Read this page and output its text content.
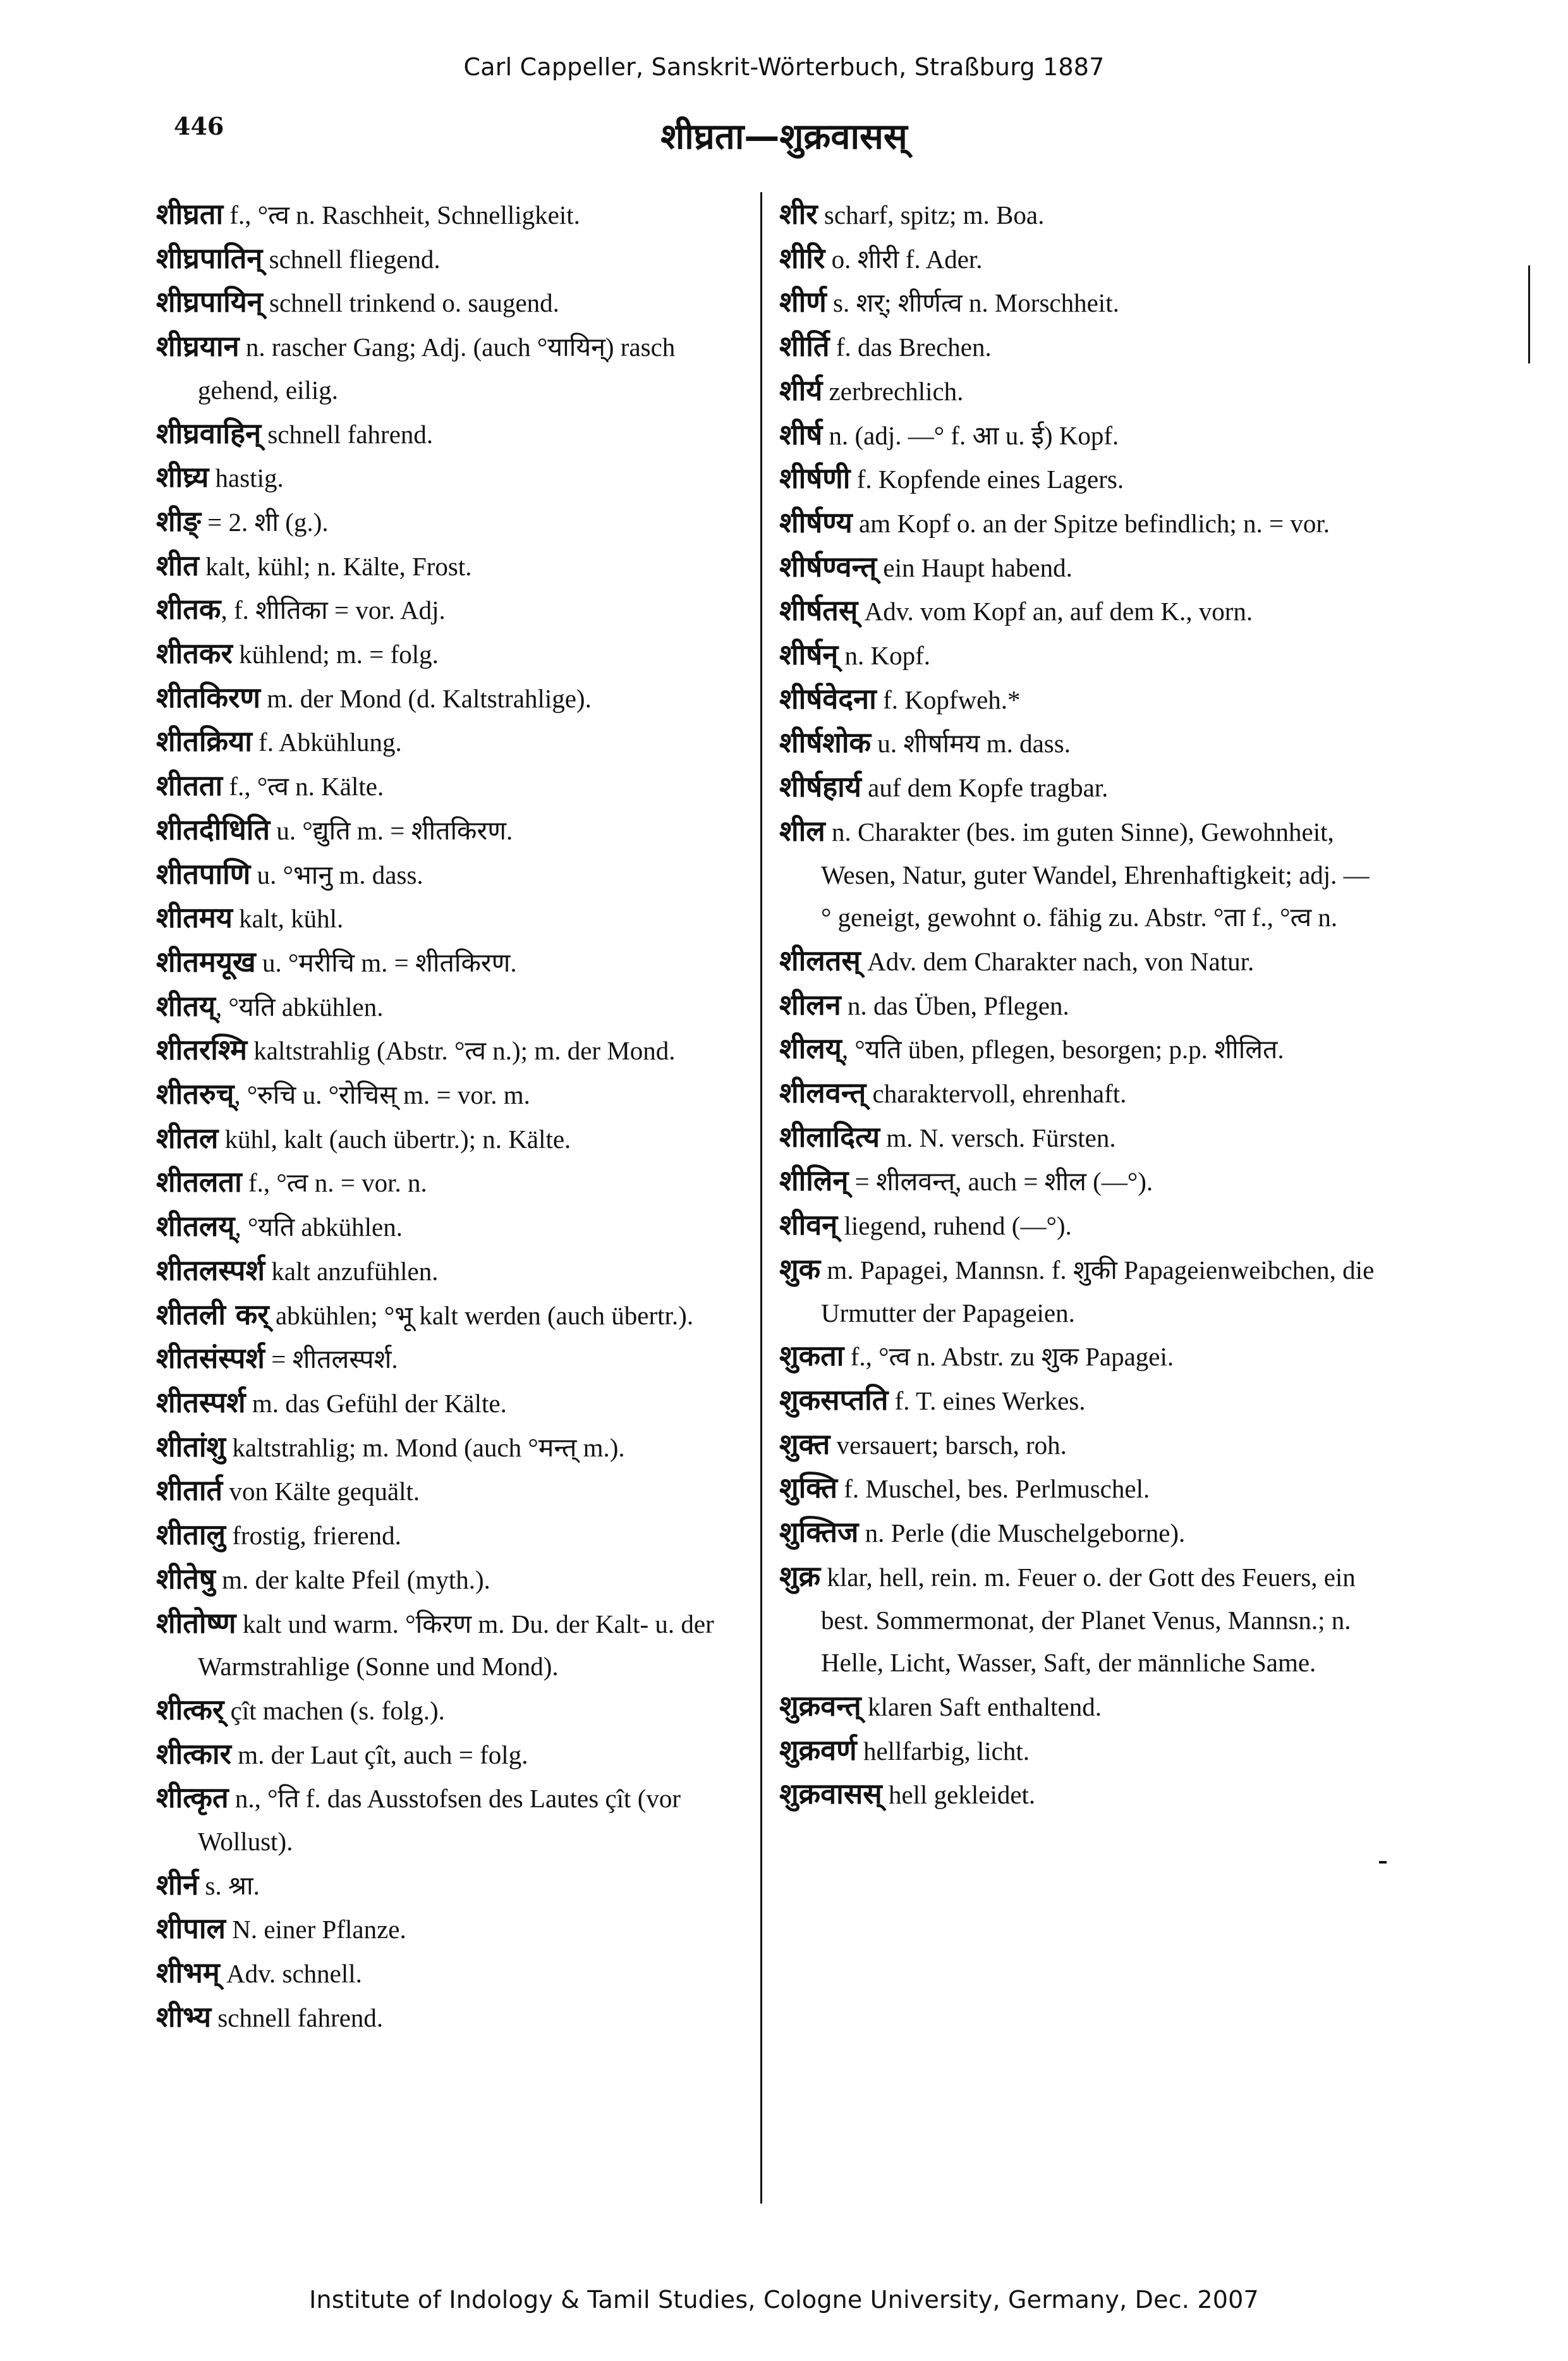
Carl Cappeller, Sanskrit-Wörterbuch, Straßburg 1887
446	शीघ्रता—शुक्रवासस्

शीघ्रता f., °त्व n. Raschheit, Schnelligkeit.

शीघ्रपातिन् schnell fliegend.

शीघ्रपायिन् schnell trinkend o. saugend.

शीघ्रयान n. rascher Gang; Adj. (auch °यायिन्) rasch gehend, eilig.

शीघ्रवाहिन् schnell fahrend.

शीघ्र्य hastig.

शीङ् = 2. शी (g.).

शीत kalt, kühl; n. Kälte, Frost.

शीतक, f. शीतिका = vor. Adj.

शीतकर kühlend; m. = folg.

शीतकिरण m. der Mond (d. Kaltstrahlige).

शीतक्रिया f. Abkühlung.

शीतता f., °त्व n. Kälte.

शीतदीधिति u. °द्युति m. = शीतकिरण.

शीतपाणि u. °भानु m. dass.

शीतमय kalt, kühl.

शीतमयूख u. °मरीचि m. = शीतकिरण.

शीतय्, °यति abkühlen.

शीतरश्मि kaltstrahlig (Abstr. °त्व n.); m. der Mond.

शीतरुच्, °रुचि u. °रोचिस् m. = vor. m.

शीतल kühl, kalt (auch übertr.); n. Kälte.

शीतलता f., °त्व n. = vor. n.

शीतलय्, °यति abkühlen.

शीतलस्पर्श kalt anzufühlen.

शीतली कर् abkühlen; °भू kalt werden (auch übertr.).

शीतसंस्पर्श = शीतलस्पर्श.

शीतस्पर्श m. das Gefühl der Kälte.

शीतांशु kaltstrahlig; m. Mond (auch °मन्त् m.).

शीतार्त von Kälte gequält.

शीतालु frostig, frierend.

शीतेषु m. der kalte Pfeil (myth.).

शीतोष्ण kalt und warm. °किरण m. Du. der Kalt- u. der Warmstrahlige (Sonne und Mond).

शीत्कर् çît machen (s. folg.).

शीत्कार m. der Laut çît, auch = folg.

शीत्कृत n., °ति f. das Ausstofsen des Lautes çît (vor Wollust).

शीर्न s. श्रा.

शीपाल N. einer Pflanze.

शीभम् Adv. schnell.

शीभ्य schnell fahrend.

शीर scharf, spitz; m. Boa.

शीरि o. शीरी f. Ader.

शीर्ण s. शर्; शीर्णत्व n. Morschheit.

शीर्ति f. das Brechen.

शीर्य zerbrechlich.

शीर्ष n. (adj. —° f. आ u. ई) Kopf.

शीर्षणी f. Kopfende eines Lagers.

शीर्षण्य am Kopf o. an der Spitze befindlich; n. = vor.

शीर्षण्वन्त् ein Haupt habend.

शीर्षतस् Adv. vom Kopf an, auf dem K., vorn.

शीर्षन् n. Kopf.

शीर्षवेदना f. Kopfweh.*

शीर्षशोक u. शीर्षामय m. dass.

शीर्षहार्य auf dem Kopfe tragbar.

शील n. Charakter (bes. im guten Sinne), Gewohnheit, Wesen, Natur, guter Wandel, Ehrenhaftigkeit; adj. —° geneigt, gewohnt o. fähig zu. Abstr. °ता f., °त्व n.

शीलतस् Adv. dem Charakter nach, von Natur.

शीलन n. das Üben, Pflegen.

शीलय्, °यति üben, pflegen, besorgen; p.p. शीलित.

शीलवन्त् charaktervoll, ehrenhaft.

शीलादित्य m. N. versch. Fürsten.

शीलिन् = शीलवन्त्, auch = शील (—°).

शीवन् liegend, ruhend (—°).

शुक m. Papagei, Mannsn. f. शुकी Papageienweibchen, die Urmutter der Papageien.

शुकता f., °त्व n. Abstr. zu शुक Papagei.

शुकसप्तति f. T. eines Werkes.

शुक्त versauert; barsch, roh.

शुक्ति f. Muschel, bes. Perlmuschel.

शुक्तिज n. Perle (die Muschelgeborne).

शुक्र klar, hell, rein. m. Feuer o. der Gott des Feuers, ein best. Sommermonat, der Planet Venus, Mannsn.; n. Helle, Licht, Wasser, Saft, der männliche Same.

शुक्रवन्त् klaren Saft enthaltend.

शुक्रवर्ण hellfarbig, licht.

शुक्रवासस् hell gekleidet.

Institute of Indology & Tamil Studies, Cologne University, Germany, Dec. 2007
